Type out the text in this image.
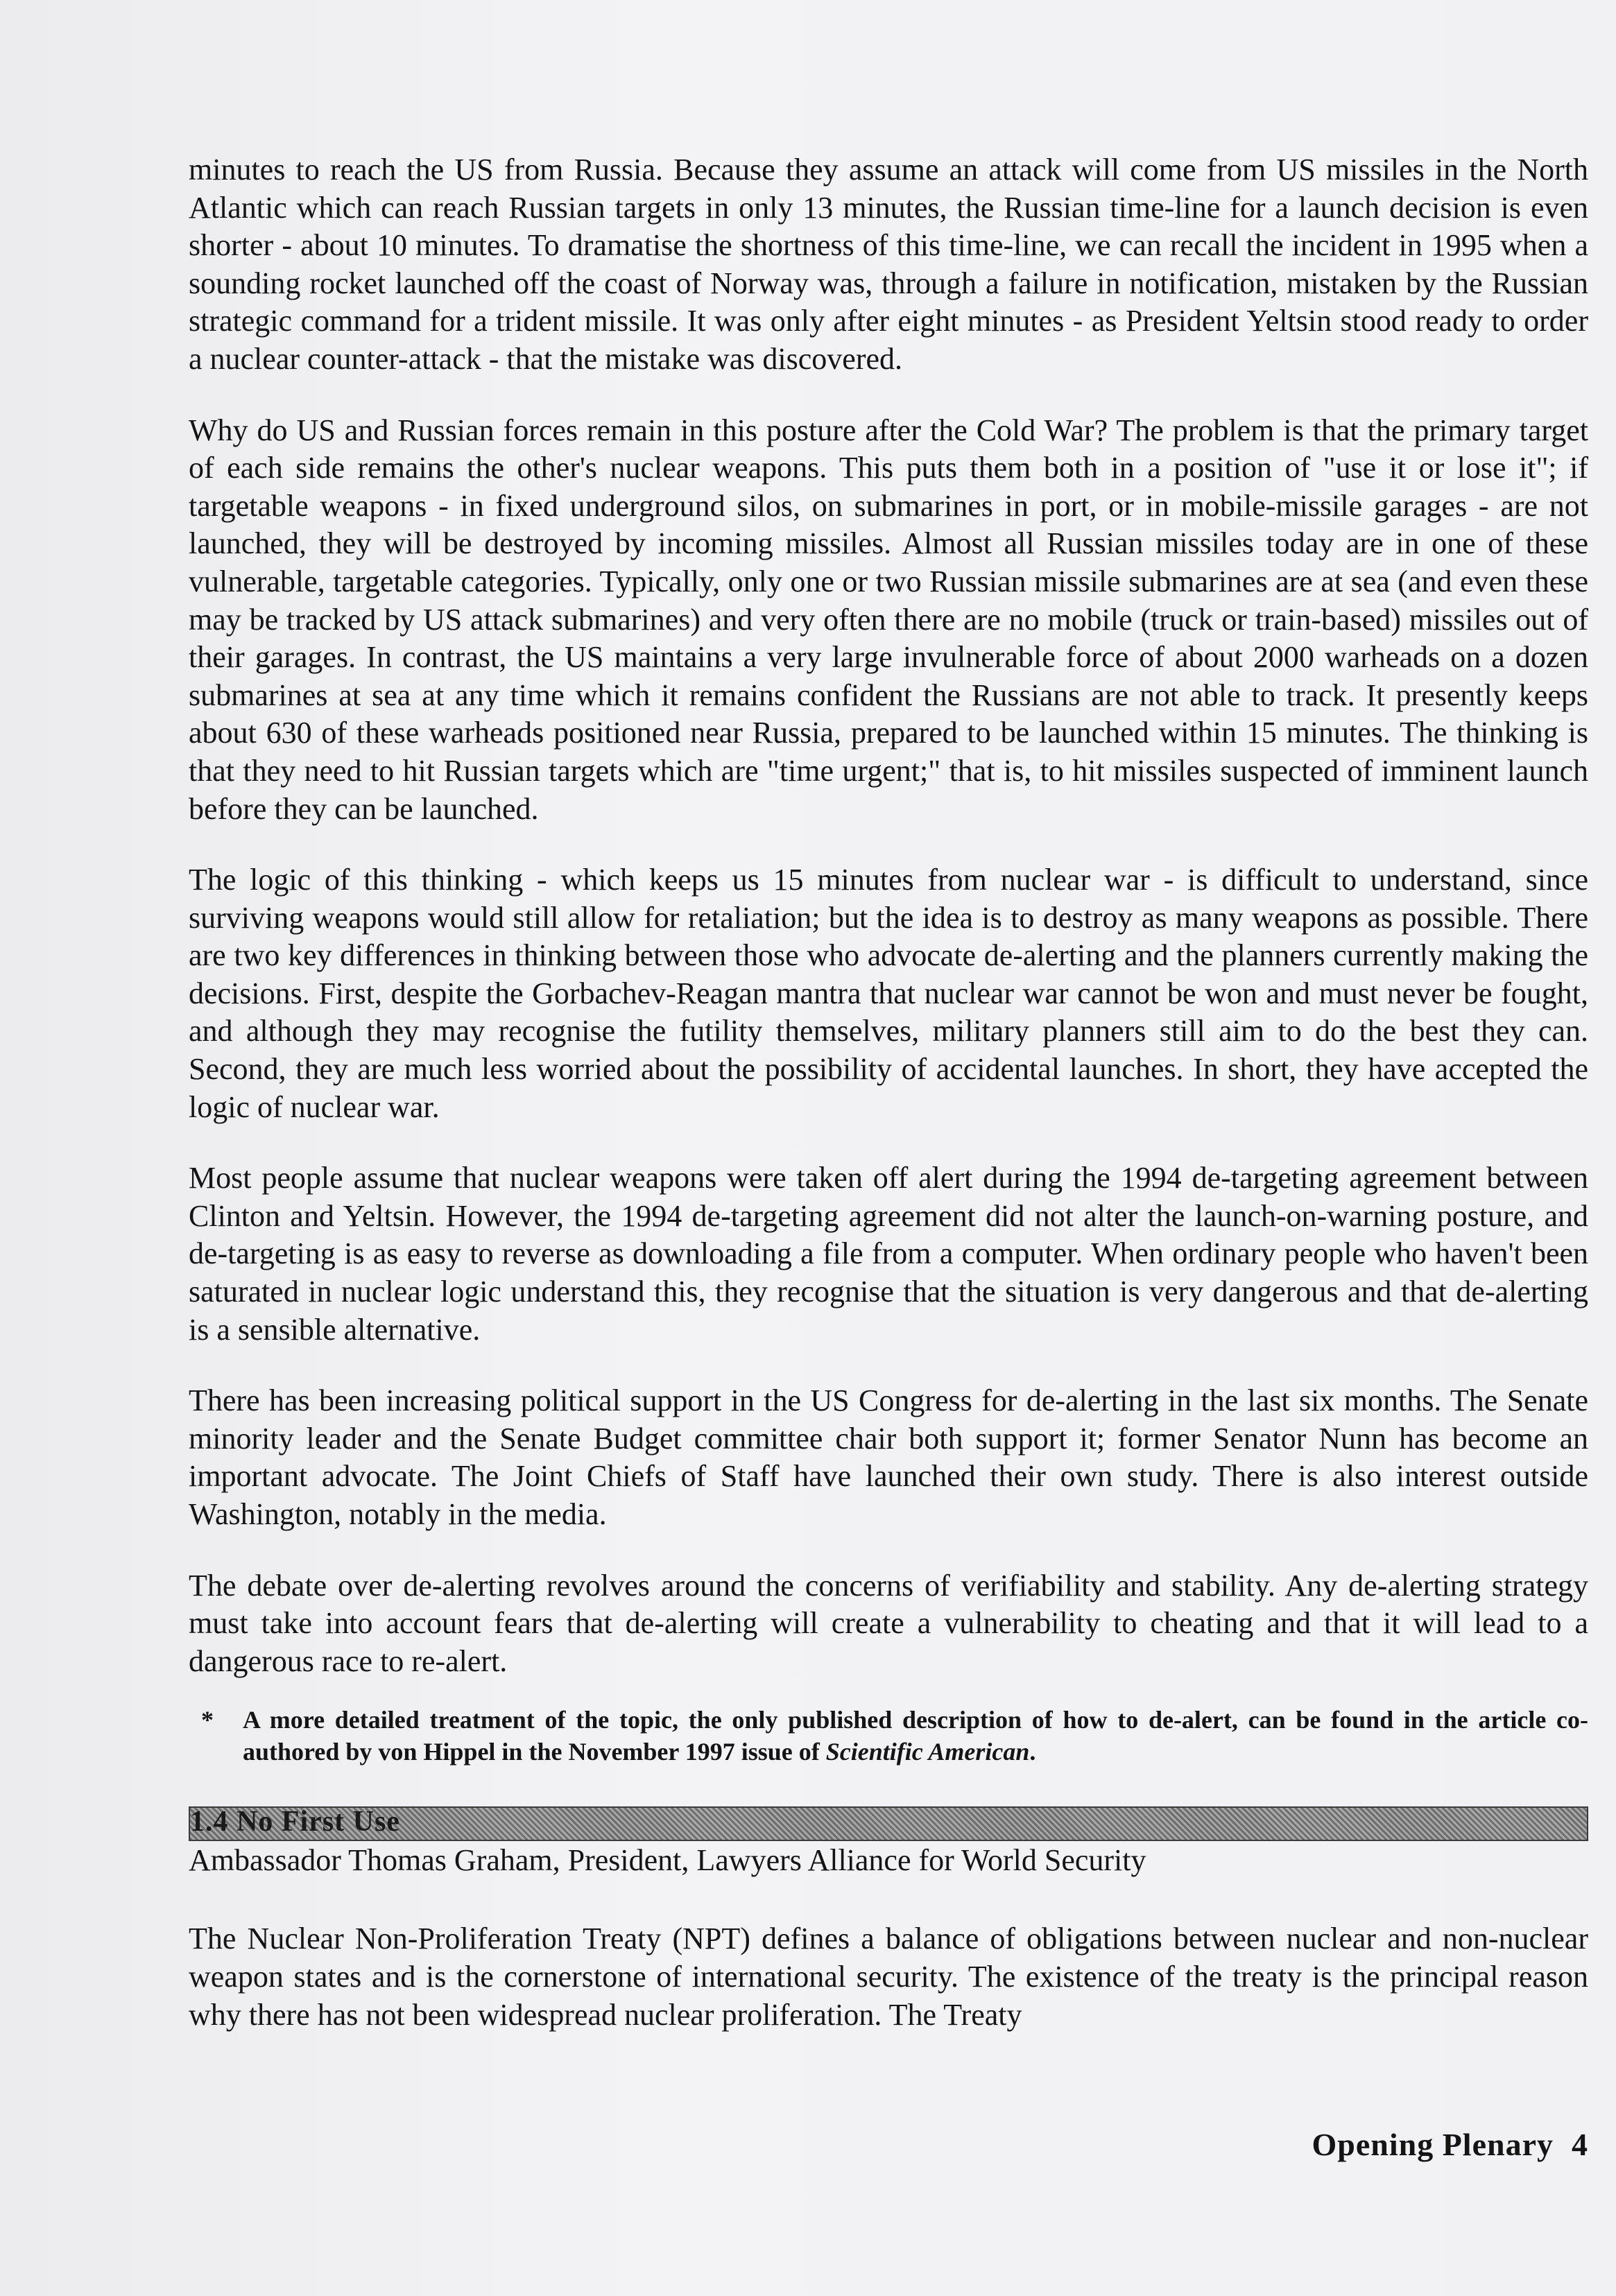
minutes to reach the US from Russia. Because they assume an attack will come from US missiles in the North Atlantic which can reach Russian targets in only 13 minutes, the Russian time-line for a launch decision is even shorter - about 10 minutes. To dramatise the shortness of this time-line, we can recall the incident in 1995 when a sounding rocket launched off the coast of Norway was, through a failure in notification, mistaken by the Russian strategic command for a trident missile. It was only after eight minutes - as President Yeltsin stood ready to order a nuclear counter-attack - that the mistake was discovered.

Why do US and Russian forces remain in this posture after the Cold War? The problem is that the primary target of each side remains the other's nuclear weapons. This puts them both in a position of "use it or lose it"; if targetable weapons - in fixed underground silos, on submarines in port, or in mobile-missile garages - are not launched, they will be destroyed by incoming missiles. Almost all Russian missiles today are in one of these vulnerable, targetable categories. Typically, only one or two Russian missile submarines are at sea (and even these may be tracked by US attack submarines) and very often there are no mobile (truck or train-based) missiles out of their garages. In contrast, the US maintains a very large invulnerable force of about 2000 warheads on a dozen submarines at sea at any time which it remains confident the Russians are not able to track. It presently keeps about 630 of these warheads positioned near Russia, prepared to be launched within 15 minutes. The thinking is that they need to hit Russian targets which are "time urgent;" that is, to hit missiles suspected of imminent launch before they can be launched.

The logic of this thinking - which keeps us 15 minutes from nuclear war - is difficult to understand, since surviving weapons would still allow for retaliation; but the idea is to destroy as many weapons as possible. There are two key differences in thinking between those who advocate de-alerting and the planners currently making the decisions. First, despite the Gorbachev-Reagan mantra that nuclear war cannot be won and must never be fought, and although they may recognise the futility themselves, military planners still aim to do the best they can. Second, they are much less worried about the possibility of accidental launches. In short, they have accepted the logic of nuclear war.

Most people assume that nuclear weapons were taken off alert during the 1994 de-targeting agreement between Clinton and Yeltsin. However, the 1994 de-targeting agreement did not alter the launch-on-warning posture, and de-targeting is as easy to reverse as downloading a file from a computer. When ordinary people who haven't been saturated in nuclear logic understand this, they recognise that the situation is very dangerous and that de-alerting is a sensible alternative.

There has been increasing political support in the US Congress for de-alerting in the last six months. The Senate minority leader and the Senate Budget committee chair both support it; former Senator Nunn has become an important advocate. The Joint Chiefs of Staff have launched their own study. There is also interest outside Washington, notably in the media.

The debate over de-alerting revolves around the concerns of verifiability and stability. Any de-alerting strategy must take into account fears that de-alerting will create a vulnerability to cheating and that it will lead to a dangerous race to re-alert.

*	A more detailed treatment of the topic, the only published description of how to de-alert, can be found in the article co-authored by von Hippel in the November 1997 issue of Scientific American.
1.4 No First Use
Ambassador Thomas Graham, President, Lawyers Alliance for World Security

The Nuclear Non-Proliferation Treaty (NPT) defines a balance of obligations between nuclear and non-nuclear weapon states and is the cornerstone of international security. The existence of the treaty is the principal reason why there has not been widespread nuclear proliferation. The Treaty

Opening Plenary 4
